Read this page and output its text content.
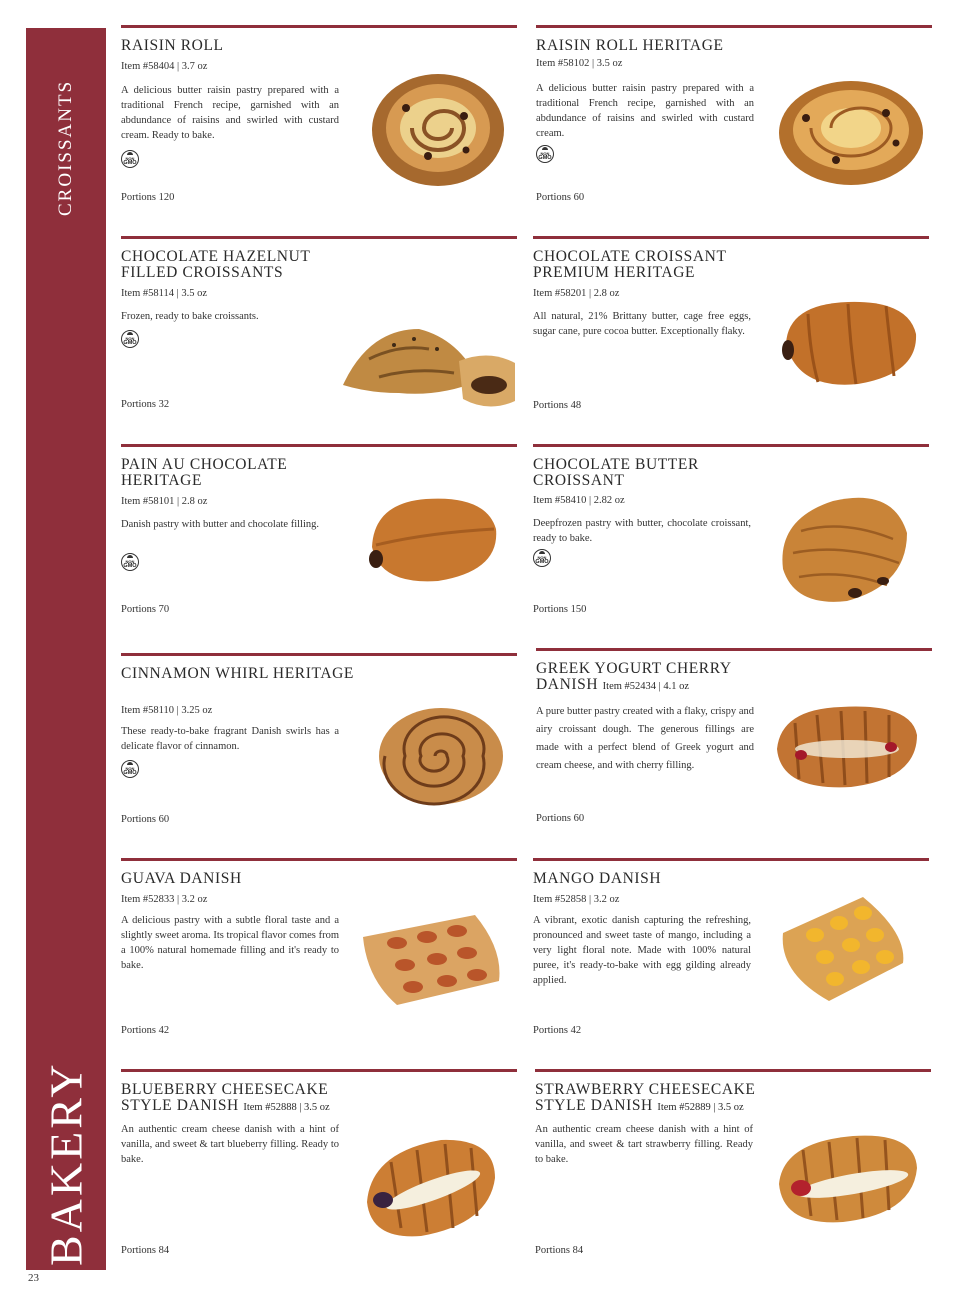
CROISSANTS
BAKERY
23
RAISIN ROLL
Item #58404 | 3.7 oz
A delicious butter raisin pastry prepared with a traditional French recipe, garnished with an abdundance of raisins and swirled with custard cream. Ready to bake.
NON
GMO
Portions 120
RAISIN ROLL HERITAGE
Item #58102 | 3.5 oz
A delicious butter raisin pastry prepared with a traditional French recipe, garnished with an abdundance of raisins and swirled with custard cream.
NON
GMO
Portions 60
CHOCOLATE HAZELNUT FILLED CROISSANTS
Item #58114 | 3.5 oz
Frozen, ready to bake croissants.
NON
GMO
Portions 32
CHOCOLATE CROISSANT PREMIUM HERITAGE
Item #58201 | 2.8 oz
All natural, 21% Brittany butter, cage free eggs, sugar cane, pure cocoa butter. Exceptionally flaky.
Portions 48
PAIN AU CHOCOLATE HERITAGE
Item #58101 | 2.8 oz
Danish pastry with butter and chocolate filling.
NON
GMO
Portions 70
CHOCOLATE BUTTER CROISSANT
Item #58410 | 2.82 oz
Deepfrozen pastry with butter, chocolate croissant, ready to bake.
NON
GMO
Portions 150
CINNAMON WHIRL HERITAGE
Item #58110 | 3.25 oz
These ready-to-bake fragrant Danish swirls has a delicate flavor of cinnamon.
NON
GMO
Portions 60
GREEK YOGURT CHERRY DANISH Item #52434 | 4.1 oz
A pure butter pastry created with a flaky, crispy and airy croissant dough. The generous fillings are made with a perfect blend of Greek yogurt and cream cheese, and with cherry filling.
Portions 60
GUAVA DANISH
Item #52833 | 3.2 oz
A delicious pastry with a subtle floral taste and a slightly sweet aroma. Its tropical flavor comes from a 100% natural homemade filling and it's ready to bake.
Portions 42
MANGO DANISH
Item #52858 | 3.2 oz
A vibrant, exotic danish capturing the refreshing, pronounced and sweet taste of mango, including a very light floral note. Made with 100% natural puree, it's ready-to-bake with egg gilding already applied.
Portions 42
BLUEBERRY CHEESECAKE STYLE DANISH Item #52888 | 3.5 oz
An authentic cream cheese danish with a hint of vanilla, and sweet & tart blueberry filling. Ready to bake.
Portions 84
STRAWBERRY CHEESECAKE STYLE DANISH Item #52889 | 3.5 oz
An authentic cream cheese danish with a hint of vanilla, and sweet & tart strawberry filling. Ready to bake.
Portions 84
